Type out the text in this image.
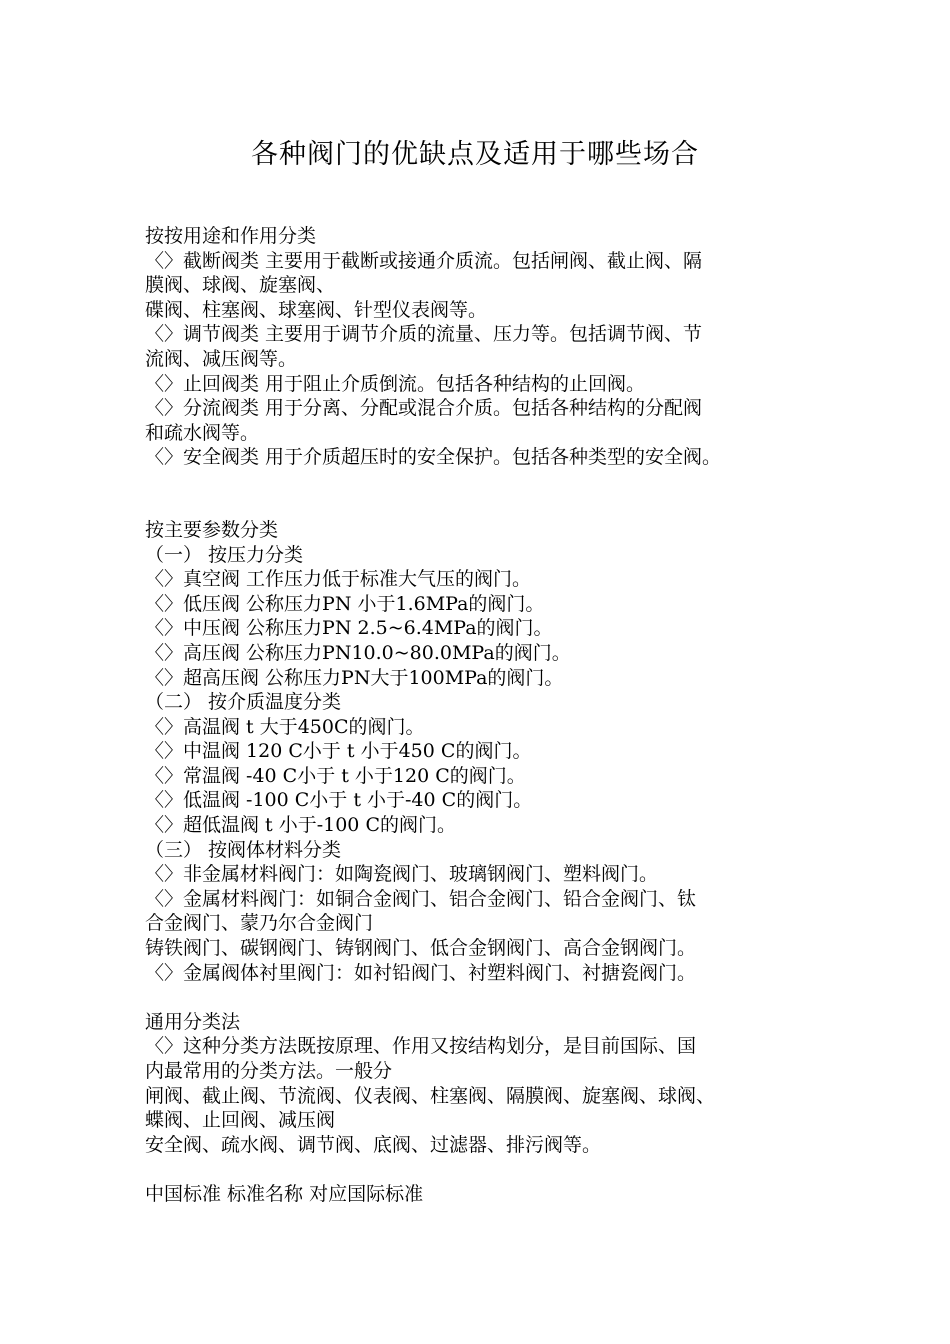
各种阀门的优缺点及适用于哪些场合
按按用途和作用分类
〈〉截断阀类 主要用于截断或接通介质流。包括闸阀、截止阀、隔
膜阀、球阀、旋塞阀、
碟阀、柱塞阀、球塞阀、针型仪表阀等。
〈〉调节阀类 主要用于调节介质的流量、压力等。包括调节阀、节
流阀、减压阀等。
〈〉止回阀类 用于阻止介质倒流。包括各种结构的止回阀。
〈〉分流阀类 用于分离、分配或混合介质。包括各种结构的分配阀
和疏水阀等。
〈〉安全阀类 用于介质超压时的安全保护。包括各种类型的安全阀。
按主要参数分类
（一） 按压力分类
〈〉真空阀 工作压力低于标准大气压的阀门。
〈〉低压阀 公称压力PN 小于1.6MPa的阀门。
〈〉中压阀 公称压力PN 2.5~6.4MPa的阀门。
〈〉高压阀 公称压力PN10.0~80.0MPa的阀门。
〈〉超高压阀 公称压力PN大于100MPa的阀门。
（二） 按介质温度分类
〈〉高温阀 t 大于450C的阀门。
〈〉中温阀 120 C小于 t 小于450 C的阀门。
〈〉常温阀 -40 C小于 t 小于120 C的阀门。
〈〉低温阀 -100 C小于 t 小于-40 C的阀门。
〈〉超低温阀 t 小于-100 C的阀门。
（三） 按阀体材料分类
〈〉非金属材料阀门：如陶瓷阀门、玻璃钢阀门、塑料阀门。
〈〉金属材料阀门：如铜合金阀门、铝合金阀门、铅合金阀门、钛
合金阀门、蒙乃尔合金阀门
铸铁阀门、碳钢阀门、铸钢阀门、低合金钢阀门、高合金钢阀门。
〈〉金属阀体衬里阀门：如衬铅阀门、衬塑料阀门、衬搪瓷阀门。
通用分类法
〈〉这种分类方法既按原理、作用又按结构划分，是目前国际、国
内最常用的分类方法。一般分
闸阀、截止阀、节流阀、仪表阀、柱塞阀、隔膜阀、旋塞阀、球阀、
蝶阀、止回阀、减压阀
安全阀、疏水阀、调节阀、底阀、过滤器、排污阀等。
中国标准 标准名称 对应国际标准
